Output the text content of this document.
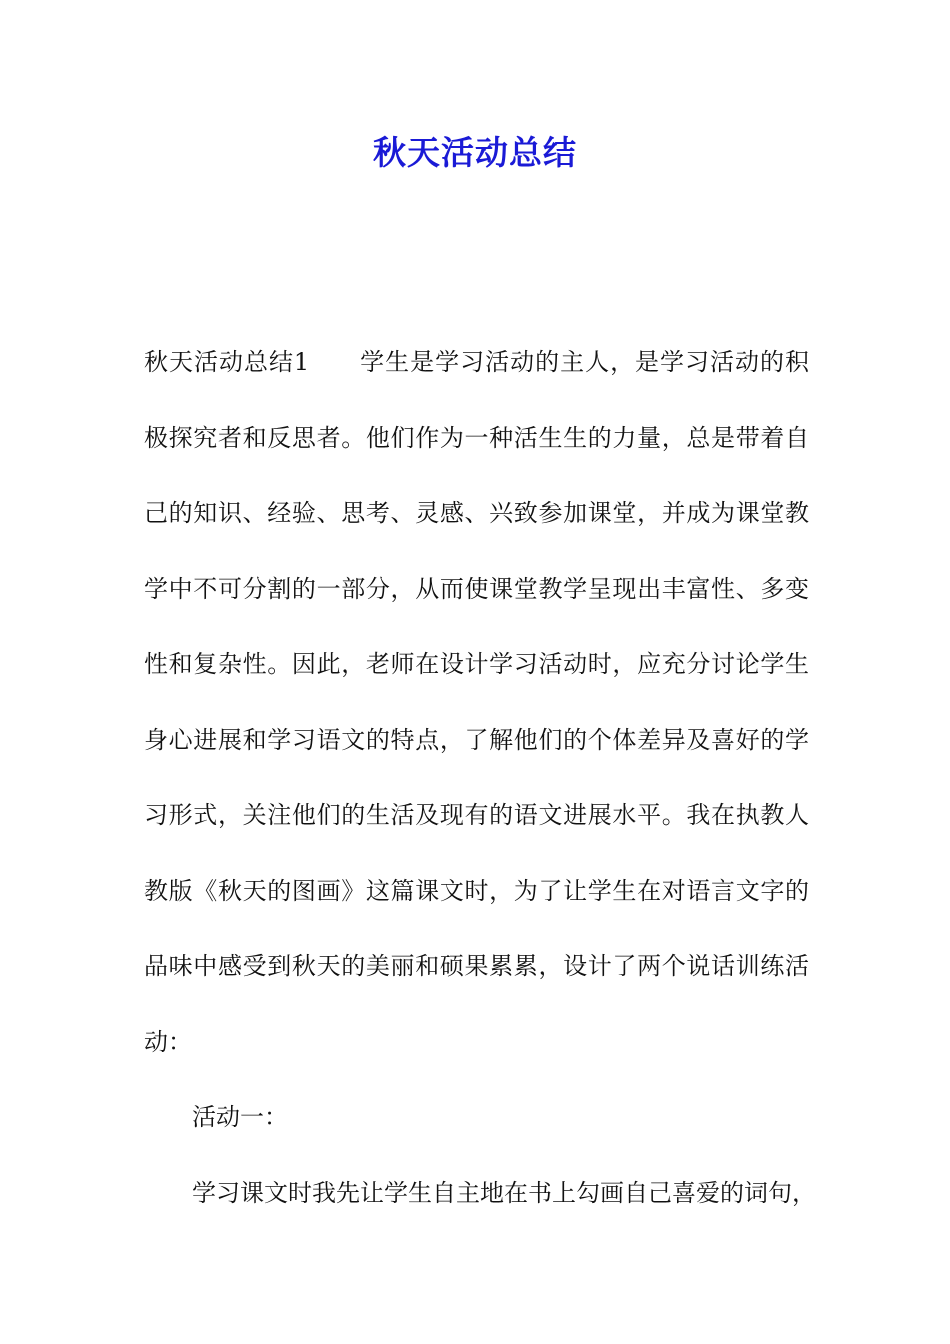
秋天活动总结
秋天活动总结1　　学生是学习活动的主人，是学习活动的积
极探究者和反思者。他们作为一种活生生的力量，总是带着自
己的知识、经验、思考、灵感、兴致参加课堂，并成为课堂教
学中不可分割的一部分，从而使课堂教学呈现出丰富性、多变
性和复杂性。因此，老师在设计学习活动时，应充分讨论学生
身心进展和学习语文的特点，了解他们的个体差异及喜好的学
习形式，关注他们的生活及现有的语文进展水平。我在执教人
教版《秋天的图画》这篇课文时，为了让学生在对语言文字的
品味中感受到秋天的美丽和硕果累累，设计了两个说话训练活
动：
活动一：
学习课文时我先让学生自主地在书上勾画自己喜爱的词句，
